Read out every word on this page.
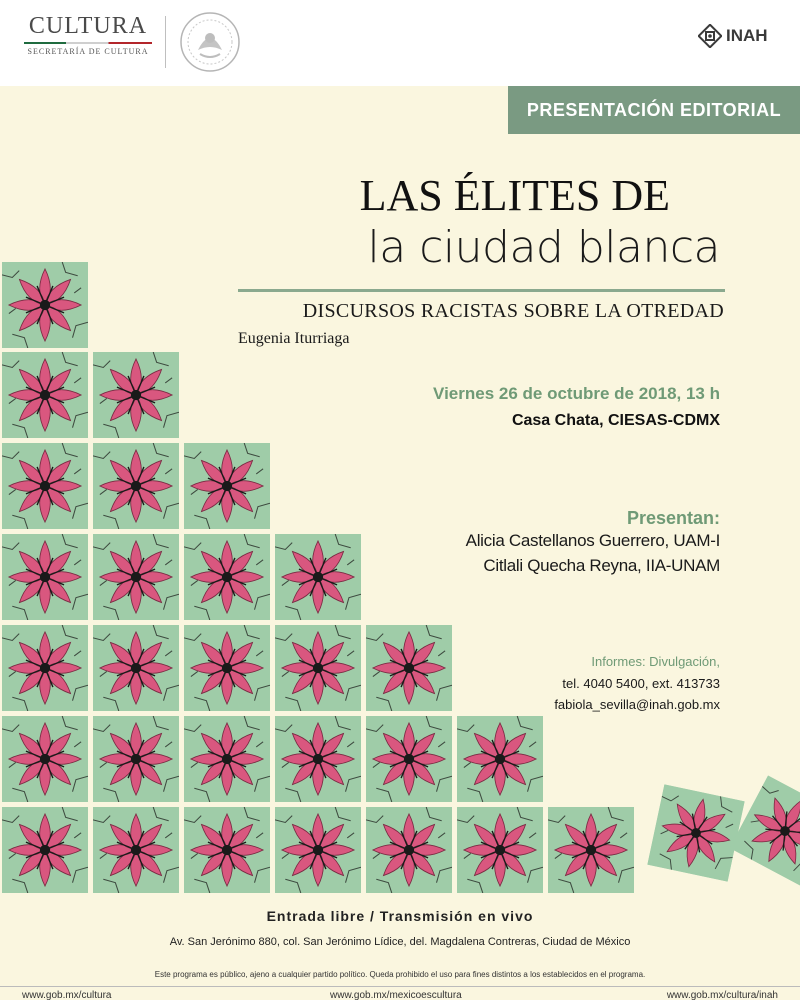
CULTURA
SECRETARÍA DE CULTURA
INAH
PRESENTACIÓN EDITORIAL
LAS ÉLITES DE
la ciudad blanca
DISCURSOS RACISTAS SOBRE LA OTREDAD
Eugenia Iturriaga
Viernes 26 de octubre de 2018, 13 h
Casa Chata, CIESAS-CDMX
Presentan:
Alicia Castellanos Guerrero, UAM-I
Citlali Quecha Reyna, IIA-UNAM
Informes: Divulgación,
tel. 4040 5400, ext. 413733
fabiola_sevilla@inah.gob.mx
Entrada libre / Transmisión en vivo
Av. San Jerónimo 880, col. San Jerónimo Lídice, del. Magdalena Contreras, Ciudad de México
Este programa es público, ajeno a cualquier partido político. Queda prohibido el uso para fines distintos a los establecidos en el programa.
www.gob.mx/cultura	www.gob.mx/mexicoescultura	www.gob.mx/cultura/inah
